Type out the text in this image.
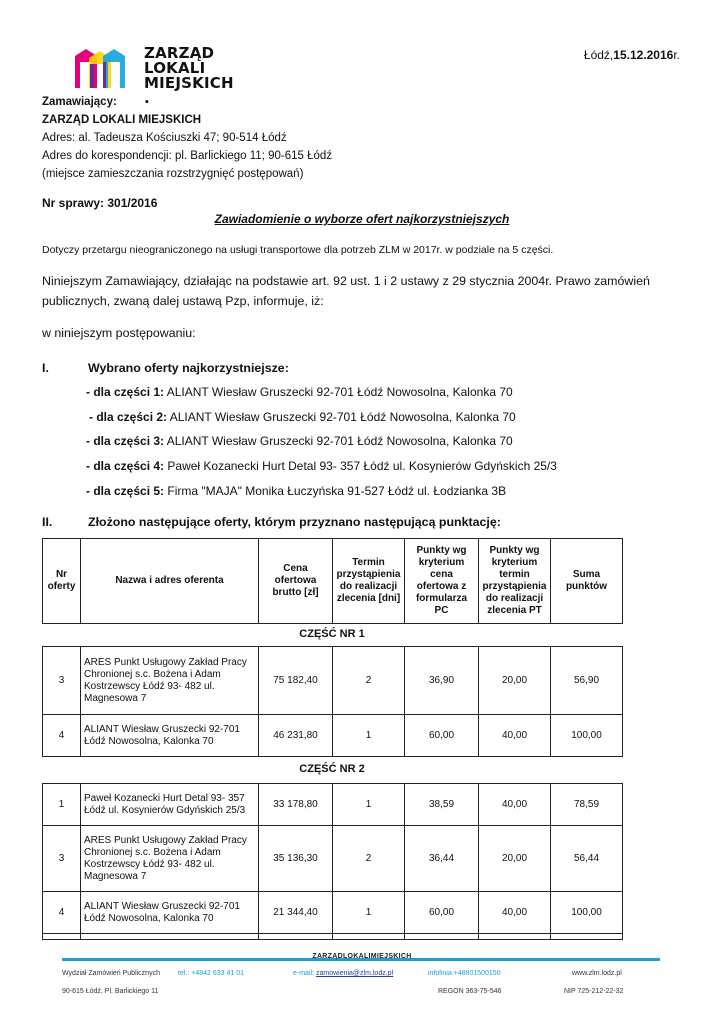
ZARZĄD
LOKALI
MIEJSKICH .
Łódź,15.12.2016r.
Zamawiający:
ZARZĄD LOKALI MIEJSKICH
Adres: al. Tadeusza Kościuszki 47; 90-514 Łódź
Adres do korespondencji: pl. Barlickiego 11; 90-615 Łódź
(miejsce zamieszczania rozstrzygnięć postępowań)
Nr sprawy: 301/2016
Zawiadomienie o wyborze ofert najkorzystniejszych
Dotyczy przetargu nieograniczonego na usługi transportowe dla potrzeb ZLM w 2017r. w podziale na 5 części.
Niniejszym Zamawiający, działając na podstawie art. 92 ust. 1 i 2 ustawy z 29 stycznia 2004r. Prawo zamówień
publicznych, zwaną dalej ustawą Pzp, informuje, iż:
w niniejszym postępowaniu:
I.	Wybrano oferty najkorzystniejsze:
- dla części 1: ALIANT Wiesław Gruszecki 92-701 Łódź Nowosolna, Kalonka 70
- dla części 2: ALIANT Wiesław Gruszecki 92-701 Łódź Nowosolna, Kalonka 70
- dla części 3: ALIANT Wiesław Gruszecki 92-701 Łódź Nowosolna, Kalonka 70
- dla części 4: Paweł Kozanecki Hurt Detal 93- 357 Łódź ul. Kosynierów Gdyńskich 25/3
- dla części 5: Firma "MAJA" Monika Łuczyńska 91-527 Łódź ul. Łodzianka 3B
II.	Złożono następujące oferty, którym przyznano następującą punktację:
Nr oferty	Nazwa i adres oferenta	Cena ofertowa brutto [zł]	Termin przystąpienia do realizacji zlecenia [dni]	Punkty wg kryterium cena ofertowa z formularza PC	Punkty wg kryterium termin przystąpienia do realizacji zlecenia PT	Suma punktów
CZĘŚĆ NR 1
3	ARES Punkt Usługowy Zakład Pracy Chronionej s.c. Bożena i Adam Kostrzewscy Łódź 93- 482 ul. Magnesowa 7	75 182,40	2	36,90	20,00	56,90
4	ALIANT Wiesław Gruszecki 92-701 Łódź Nowosolna, Kalonka 70	46 231,80	1	60,00	40,00	100,00
CZĘŚĆ NR 2
1	Paweł Kozanecki Hurt Detal 93- 357 Łódź ul. Kosynierów Gdyńskich 25/3	33 178,80	1	38,59	40,00	78,59
3	ARES Punkt Usługowy Zakład Pracy Chronionej s.c. Bożena i Adam Kostrzewscy Łódź 93- 482 ul. Magnesowa 7	35 136,30	2	36,44	20,00	56,44
4	ALIANT Wiesław Gruszecki 92-701 Łódź Nowosolna, Kalonka 70	21 344,40	1	60,00	40,00	100,00

ZARZĄDLOKALIMIEJSKICH
Wydział Zamówień Publicznych	tel.: +4842 633 41 01	e-mail: zamowienia@zlm.lodz.pl	infolinia:+48801500150	www.zlm.lodz.pl
90-615 Łódź, Pl. Barlickiego 11	REGON 363-75-546	NIP 725-212-22-32
